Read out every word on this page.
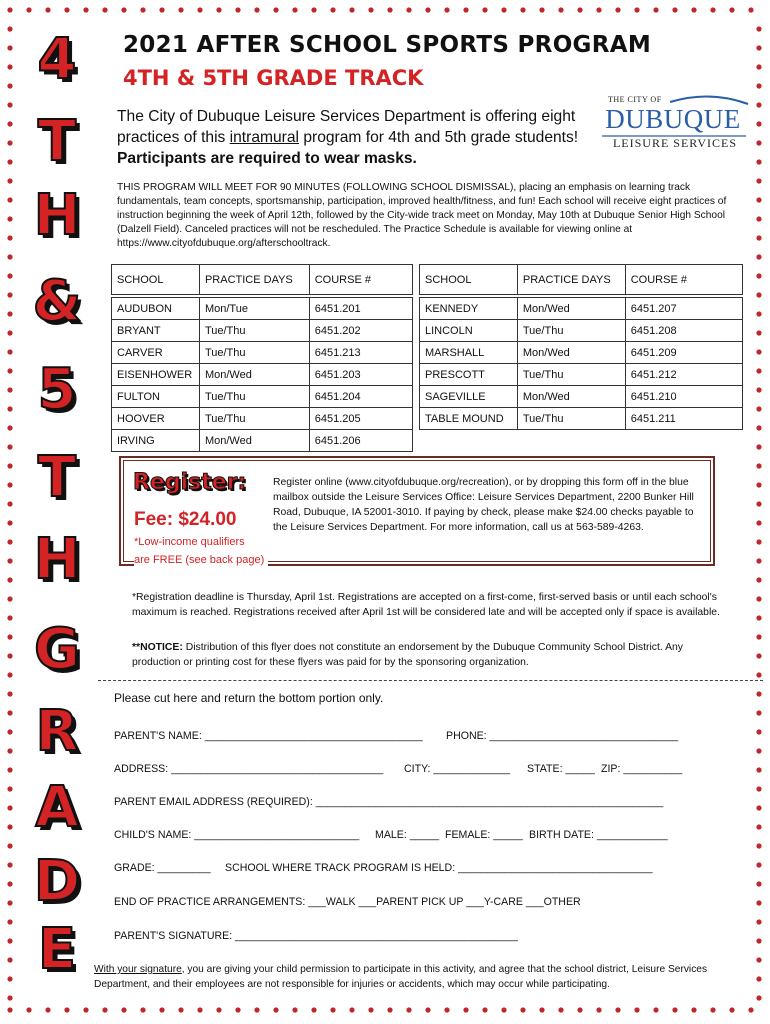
4
T
H
&
5
T
H
G
R
A
D
E
2021 AFTER SCHOOL SPORTS PROGRAM
4TH & 5TH GRADE TRACK
The City of Dubuque Leisure Services Department is offering eight practices of this intramural program for 4th and 5th grade students! Participants are required to wear masks.
THE CITY OF
DUBUQUE
LEISURE SERVICES
THIS PROGRAM WILL MEET FOR 90 MINUTES (FOLLOWING SCHOOL DISMISSAL), placing an emphasis on learning track fundamentals, team concepts, sportsmanship, participation, improved health/fitness, and fun! Each school will receive eight practices of instruction beginning the week of April 12th, followed by the City-wide track meet on Monday, May 10th at Dubuque Senior High School (Dalzell Field). Canceled practices will not be rescheduled. The Practice Schedule is available for viewing online at https://www.cityofdubuque.org/afterschooltrack.
SCHOOL	PRACTICE DAYS	COURSE #

AUDUBON	Mon/Tue	6451.201
BRYANT	Tue/Thu	6451.202
CARVER	Tue/Thu	6451.213
EISENHOWER	Mon/Wed	6451.203
FULTON	Tue/Thu	6451.204
HOOVER	Tue/Thu	6451.205
IRVING	Mon/Wed	6451.206
SCHOOL	PRACTICE DAYS	COURSE #

KENNEDY	Mon/Wed	6451.207
LINCOLN	Tue/Thu	6451.208
MARSHALL	Mon/Wed	6451.209
PRESCOTT	Tue/Thu	6451.212
SAGEVILLE	Mon/Wed	6451.210
TABLE MOUND	Tue/Thu	6451.211
Register:
Fee: $24.00
*Low-income qualifiers
are FREE (see back page)
Register online (www.cityofdubuque.org/recreation), or by dropping this form off in the blue mailbox outside the Leisure Services Office: Leisure Services Department, 2200 Bunker Hill Road, Dubuque, IA 52001-3010. If paying by check, please make $24.00 checks payable to the Leisure Services Department. For more information, call us at 563-589-4263.
*Registration deadline is Thursday, April 1st. Registrations are accepted on a first-come, first-served basis or until each school's maximum is reached. Registrations received after April 1st will be considered late and will be accepted only if space is available.
**NOTICE: Distribution of this flyer does not constitute an endorsement by the Dubuque Community School District. Any production or printing cost for these flyers was paid for by the sponsoring organization.
Please cut here and return the bottom portion only.
PARENT'S NAME: _____________________________________ PHONE: ________________________________
ADDRESS: ____________________________________ CITY: _____________ STATE: _____ ZIP: __________
PARENT EMAIL ADDRESS (REQUIRED): ___________________________________________________________
CHILD'S NAME: ____________________________ MALE: _____ FEMALE: _____ BIRTH DATE: ____________
GRADE: _________ SCHOOL WHERE TRACK PROGRAM IS HELD: _________________________________
END OF PRACTICE ARRANGEMENTS: ___WALK ___PARENT PICK UP ___Y-CARE ___OTHER
PARENT'S SIGNATURE: ________________________________________________
With your signature, you are giving your child permission to participate in this activity, and agree that the school district, Leisure Services Department, and their employees are not responsible for injuries or accidents, which may occur while participating.
